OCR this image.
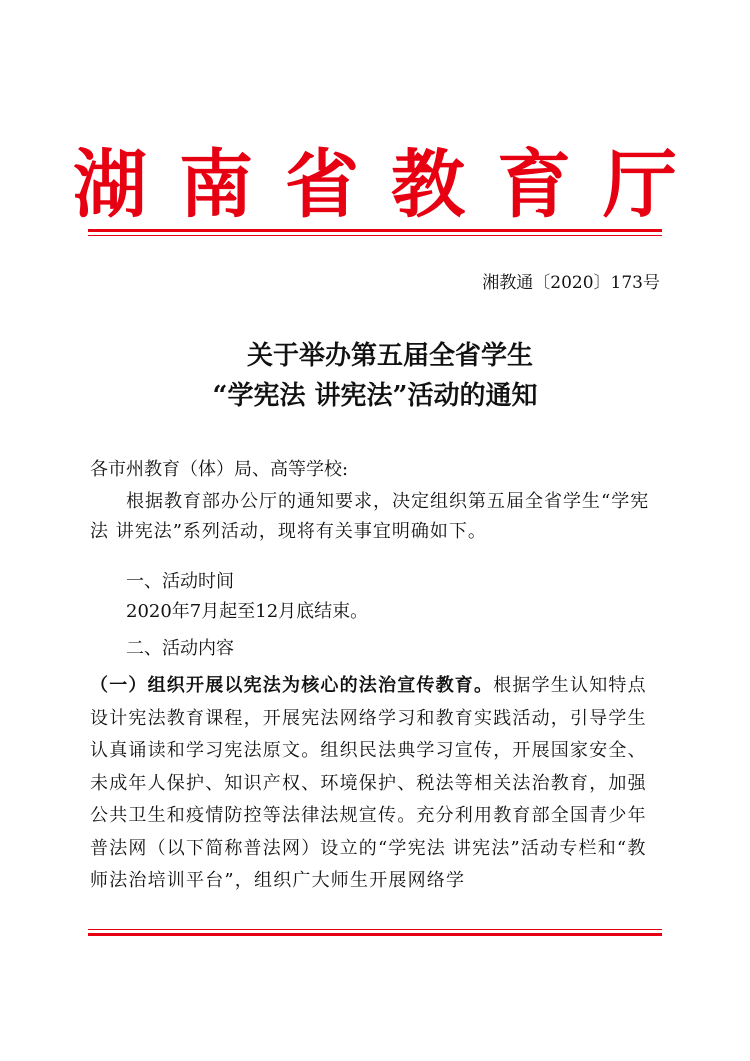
湖南省教育厅
湘教通〔2020〕173号
关于举办第五届全省学生
“学宪法 讲宪法”活动的通知
各市州教育（体）局、高等学校:
根据教育部办公厅的通知要求，决定组织第五届全省学生“学宪法 讲宪法”系列活动，现将有关事宜明确如下。
一、活动时间
2020年7月起至12月底结束。
二、活动内容
（一）组织开展以宪法为核心的法治宣传教育。根据学生认知特点设计宪法教育课程，开展宪法网络学习和教育实践活动，引导学生认真诵读和学习宪法原文。组织民法典学习宣传，开展国家安全、未成年人保护、知识产权、环境保护、税法等相关法治教育，加强公共卫生和疫情防控等法律法规宣传。充分利用教育部全国青少年普法网（以下简称普法网）设立的“学宪法 讲宪法”活动专栏和“教师法治培训平台”，组织广大师生开展网络学
